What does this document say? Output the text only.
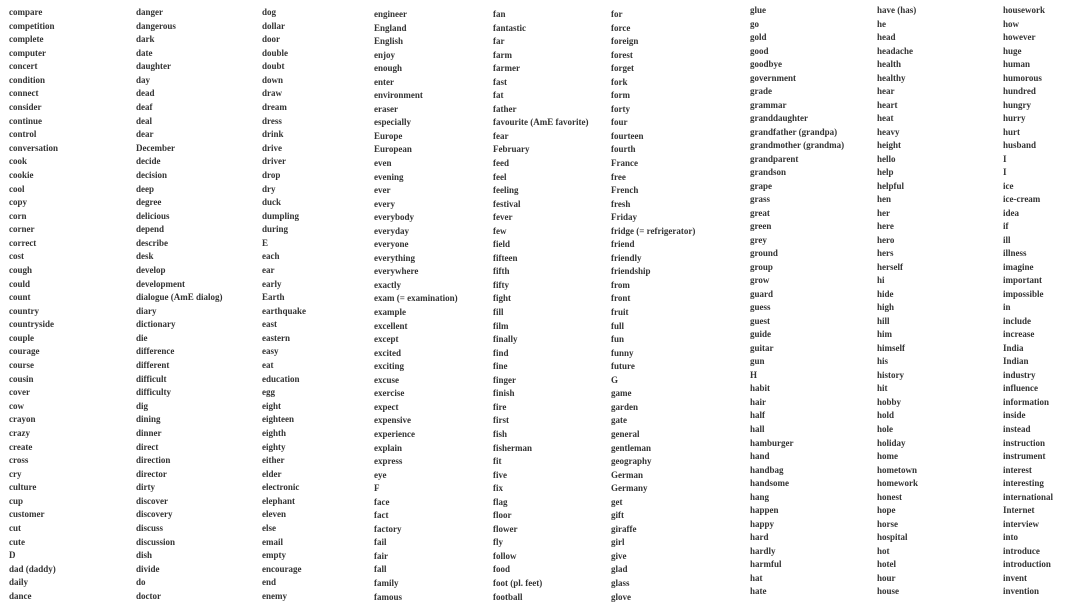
compare
competition
complete
computer
concert
condition
connect
consider
continue
control
conversation
cook
cookie
cool
copy
corn
corner
correct
cost
cough
could
count
country
countryside
couple
courage
course
cousin
cover
cow
crayon
crazy
create
cross
cry
culture
cup
customer
cut
cute
D
dad (daddy)
daily
dance
danger
dangerous
dark
date
daughter
day
dead
deaf
deal
dear
December
decide
decision
deep
degree
delicious
depend
describe
desk
develop
development
dialogue (AmE dialog)
diary
dictionary
die
difference
different
difficult
difficulty
dig
dining
dinner
direct
direction
director
dirty
discover
discovery
discuss
discussion
dish
divide
do
doctor
dog
dollar
door
double
doubt
down
draw
dream
dress
drink
drive
driver
drop
dry
duck
dumpling
during
E
each
ear
early
Earth
earthquake
east
eastern
easy
eat
education
egg
eight
eighteen
eighth
eighty
either
elder
electronic
elephant
eleven
else
email
empty
encourage
end
enemy
engineer
England
English
enjoy
enough
enter
environment
eraser
especially
Europe
European
even
evening
ever
every
everybody
everyday
everyone
everything
everywhere
exactly
exam (= examination)
example
excellent
except
excited
exciting
excuse
exercise
expect
expensive
experience
explain
express
eye
F
face
fact
factory
fail
fair
fall
family
famous
fan
fantastic
far
farm
farmer
fast
fat
father
favourite (AmE favorite)
fear
February
feed
feel
feeling
festival
fever
few
field
fifteen
fifth
fifty
fight
fill
film
finally
find
fine
finger
finish
fire
first
fish
fisherman
fit
five
fix
flag
floor
flower
fly
follow
food
foot (pl. feet)
football
for
force
foreign
forest
forget
fork
form
forty
four
fourteen
fourth
France
free
French
fresh
Friday
fridge (= refrigerator)
friend
friendly
friendship
from
front
fruit
full
fun
funny
future
G
game
garden
gate
general
gentleman
geography
German
Germany
get
gift
giraffe
girl
give
glad
glass
glove
glue
go
gold
good
goodbye
government
grade
grammar
granddaughter
grandfather (grandpa)
grandmother (grandma)
grandparent
grandson
grape
grass
great
green
grey
ground
group
grow
guard
guess
guest
guide
guitar
gun
H
habit
hair
half
hall
hamburger
hand
handbag
handsome
hang
happen
happy
hard
hardly
harmful
hat
hate
have (has)
he
head
headache
health
healthy
hear
heart
heat
heavy
height
hello
help
helpful
hen
her
here
hero
hers
herself
hi
hide
high
hill
him
himself
his
history
hit
hobby
hold
hole
holiday
home
hometown
homework
honest
hope
horse
hospital
hot
hotel
hour
house
housework
how
however
huge
human
humorous
hundred
hungry
hurry
hurt
husband
I
I
ice
ice-cream
idea
if
ill
illness
imagine
important
impossible
in
include
increase
India
Indian
industry
influence
information
inside
instead
instruction
instrument
interest
interesting
international
Internet
interview
into
introduce
introduction
invent
invention
